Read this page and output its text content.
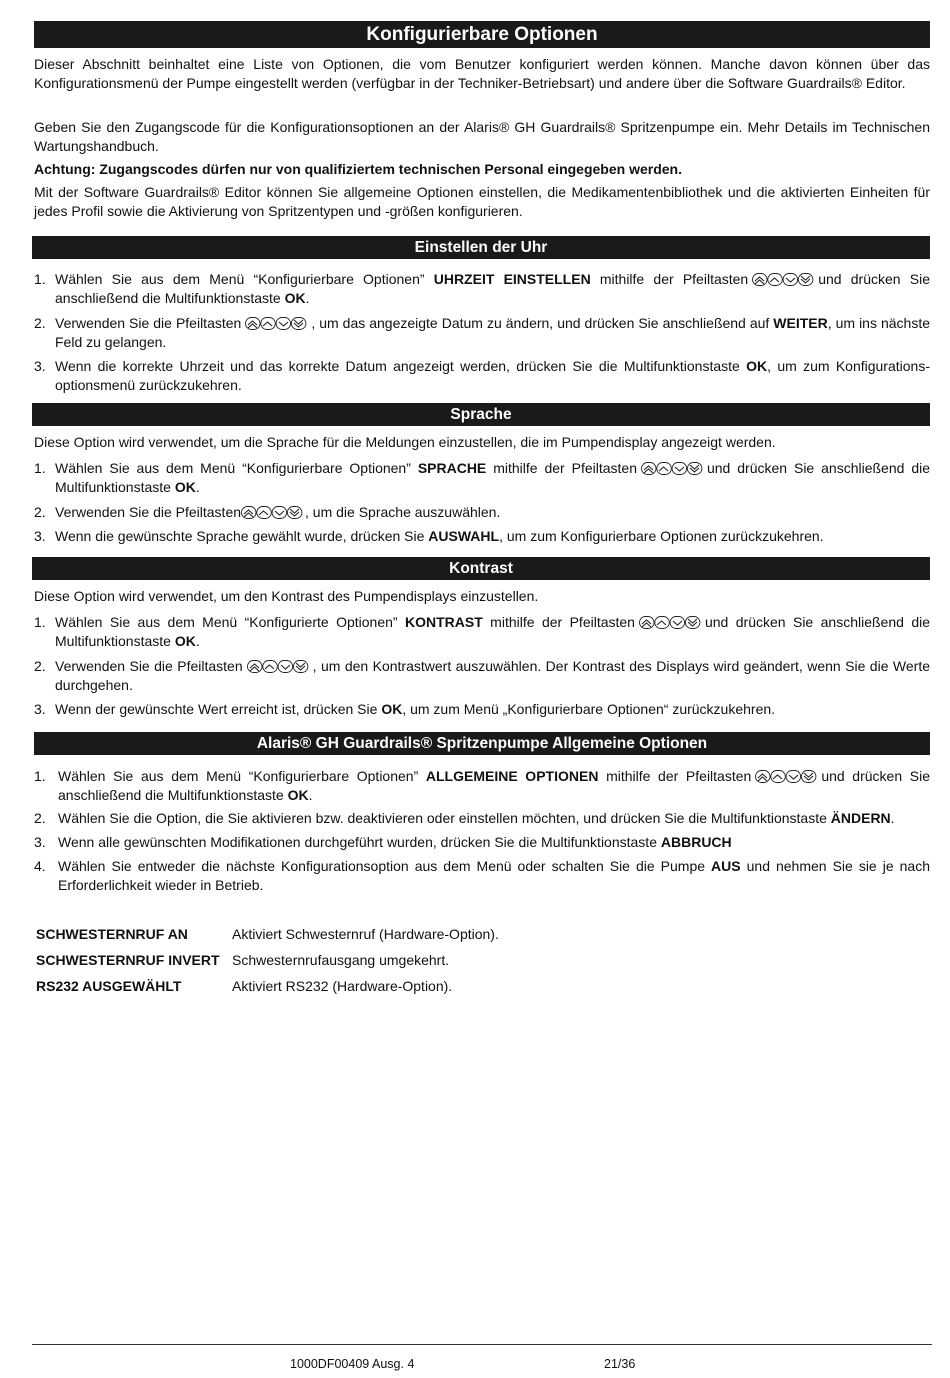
Konfigurierbare Optionen

Dieser Abschnitt beinhaltet eine Liste von Optionen, die vom Benutzer konfiguriert werden können. Manche davon können über das Konfigurationsmenü der Pumpe eingestellt werden (verfügbar in der Techniker-Betriebsart) und andere über die Software Guardrails® Editor.

Geben Sie den Zugangscode für die Konfigurationsoptionen an der Alaris® GH Guardrails® Spritzenpumpe ein. Mehr Details im Technischen Wartungshandbuch.

Achtung: Zugangscodes dürfen nur von qualifiziertem technischen Personal eingegeben werden.

Mit der Software Guardrails® Editor können Sie allgemeine Optionen einstellen, die Medikamentenbibliothek und die aktivierten Einheiten für jedes Profil sowie die Aktivierung von Spritzentypen und -größen konfigurieren.

Einstellen der Uhr
1. Wählen Sie aus dem Menü “Konfigurierbare Optionen” UHRZEIT EINSTELLEN mithilfe der Pfeiltasten	und drücken Sie anschließend die Multifunktionstaste OK.
2. Verwenden Sie die Pfeiltasten	, um das angezeigte Datum zu ändern, und drücken Sie anschließend auf WEITER, um ins nächste Feld zu gelangen.
3. Wenn die korrekte Uhrzeit und das korrekte Datum angezeigt werden, drücken Sie die Multifunktionstaste OK, um zum Konfigurations-optionsmenü zurückzukehren.
Sprache

Diese Option wird verwendet, um die Sprache für die Meldungen einzustellen, die im Pumpendisplay angezeigt werden.

1. Wählen Sie aus dem Menü “Konfigurierbare Optionen” SPRACHE mithilfe der Pfeiltasten	und drücken Sie anschließend die Multifunktionstaste OK.
2. Verwenden Sie die Pfeiltasten	, um die Sprache auszuwählen.
3. Wenn die gewünschte Sprache gewählt wurde, drücken Sie AUSWAHL, um zum Konfigurierbare Optionen zurückzukehren.
Kontrast

Diese Option wird verwendet, um den Kontrast des Pumpendisplays einzustellen.

1. Wählen Sie aus dem Menü “Konfigurierte Optionen” KONTRAST mithilfe der Pfeiltasten	und drücken Sie anschließend die Multifunktionstaste OK.
2. Verwenden Sie die Pfeiltasten	, um den Kontrastwert auszuwählen. Der Kontrast des Displays wird geändert, wenn Sie die Werte durchgehen.
3. Wenn der gewünschte Wert erreicht ist, drücken Sie OK, um zum Menü „Konfigurierbare Optionen“ zurückzukehren.
Alaris® GH Guardrails® Spritzenpumpe Allgemeine Optionen
1. Wählen Sie aus dem Menü “Konfigurierbare Optionen” ALLGEMEINE OPTIONEN mithilfe der Pfeiltasten	und drücken Sie anschließend die Multifunktionstaste OK.
2. Wählen Sie die Option, die Sie aktivieren bzw. deaktivieren oder einstellen möchten, und drücken Sie die Multifunktionstaste ÄNDERN.
3. Wenn alle gewünschten Modifikationen durchgeführt wurden, drücken Sie die Multifunktionstaste ABBRUCH
4. Wählen Sie entweder die nächste Konfigurationsoption aus dem Menü oder schalten Sie die Pumpe AUS und nehmen Sie sie je nach Erforderlichkeit wieder in Betrieb.
SCHWESTERNRUF AN	Aktiviert Schwesternruf (Hardware-Option).
SCHWESTERNRUF INVERT Schwesternrufausgang umgekehrt.
RS232 AUSGEWÄHLT	Aktiviert RS232 (Hardware-Option).
1000DF00409 Ausg. 4	21/36
